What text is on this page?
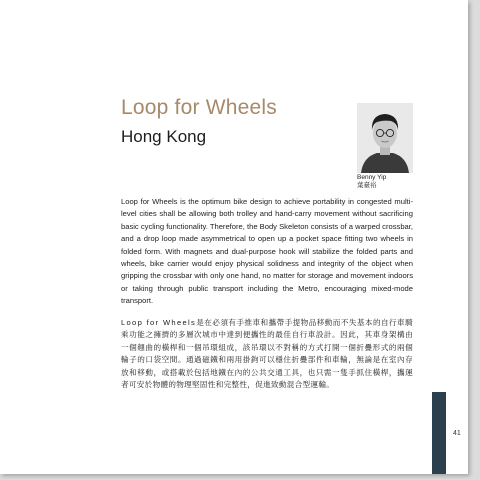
Loop for Wheels
Hong Kong
Benny Yip
葉臺裕

Loop for Wheels is the optimum bike design to achieve portability in congested multi-level cities shall be allowing both trolley and hand-carry movement without sacrificing basic cycling functionality. Therefore, the Body Skeleton consists of a warped crossbar, and a drop loop made asymmetrical to open up a pocket space fitting two wheels in folded form. With magnets and dual-purpose hook will stabilize the folded parts and wheels, bike carrier would enjoy physical solidness and integrity of the object when gripping the crossbar with only one hand, no matter for storage and movement indoors or taking through public transport including the Metro, encouraging mixed-mode transport.

Loop for Wheels是在必須有手推車和攜帶手提物品移動而不失基本的自行車騎乘功能之擁擠的多層次城市中達到便攜性的最佳自行車設計。因此，其車身架構由一個翹曲的橫桿和一個吊環組成，該吊環以不對稱的方式打開一個折疊形式的兩個輪子的口袋空間。通過磁鐵和兩用掛鉤可以穩住折疊部件和車輪，無論是在室內存放和移動，或搭載於包括地鐵在內的公共交通工具，也只需一隻手抓住橫桿，攜運者可安於物體的物理堅固性和完整性，促進致動混合型運輸。

41
